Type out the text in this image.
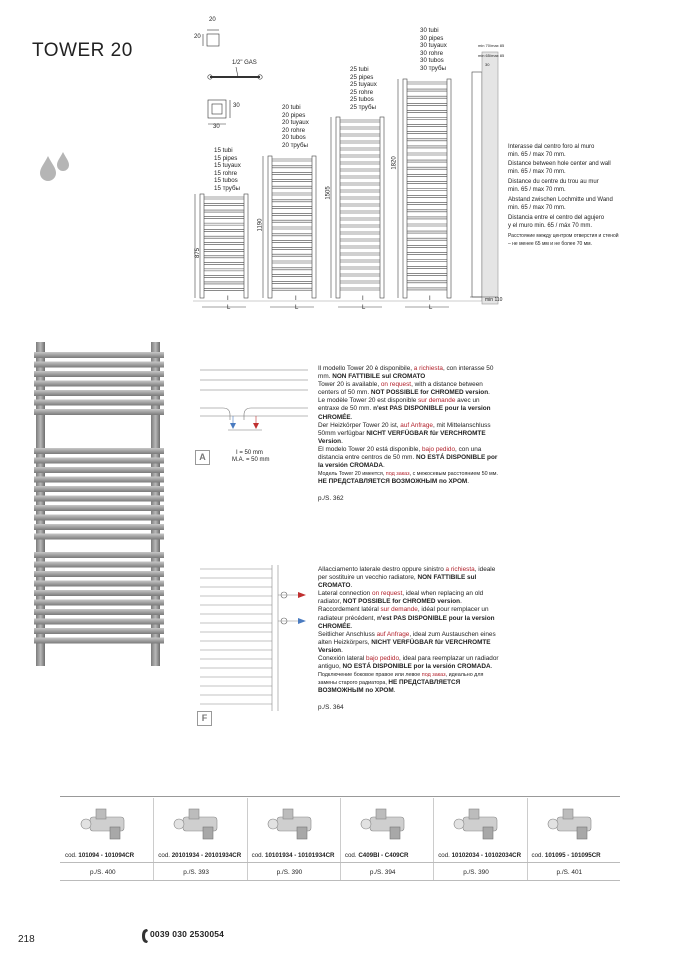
TOWER 20
20
20
1/2" GAS
30
30
875
1190
1505
1820
I
L
I
L
I
L
I
L
min 110
min 70/max 85
min 65/max 85
30
15 tubi
15 pipes
15 tuyaux
15 rohre
15 tubos
15 трубы
20 tubi
20 pipes
20 tuyaux
20 rohre
20 tubos
20 трубы
25 tubi
25 pipes
25 tuyaux
25 rohre
25 tubos
25 трубы
30 tubi
30 pipes
30 tuyaux
30 rohre
30 tubos
30 трубы
Interasse dal centro foro al muro
min. 65 / max 70 mm.
Distance between hole center and wall
min. 65 / max 70 mm.
Distance du centre du trou au mur
min. 65 / max 70 mm.
Abstand zwischen Lochmitte und Wand
min. 65 / max 70 mm.
Distancia entre el centro del agujero
y el muro min. 65 / máx 70 mm.
Расстояние между центром отверстия и стеной
– не менее 65 мм и не более 70 мм.
A	I = 50 mm
M.A. = 50 mm
Il modello Tower 20 è disponibile, a richiesta, con interasse 50 mm. NON FATTIBILE sul CROMATO
Tower 20 is available, on request, with a distance between centers of 50 mm. NOT POSSIBLE for CHROMED version.
Le modèle Tower 20 est disponible sur demande avec un entraxe de 50 mm. n'est PAS DISPONIBLE pour la version CHROMÉE.
Der Heizkörper Tower 20 ist, auf Anfrage, mit Mittelanschluss 50mm verfügbar NICHT VERFÜGBAR für VERCHROMTE Version.
El modelo Tower 20 está disponible, bajo pedido, con una distancia entre centros de 50 mm. NO ESTÁ DISPONIBLE por la versión CROMADA.
Модель Tower 20 имеется, под заказ, с межосевым расстоянием 50 мм.
НЕ ПРЕДСТАВЛЯЕТСЯ ВОЗМОЖНЫМ по ХРОМ.

p./S. 362
F
Allacciamento laterale destro oppure sinistro a richiesta, ideale per sostituire un vecchio radiatore, NON FATTIBILE sul CROMATO.
Lateral connection on request, ideal when replacing an old radiator, NOT POSSIBLE for CHROMED version.
Raccordement latéral sur demande, idéal pour remplacer un radiateur précédent, n'est PAS DISPONIBLE pour la version CHROMÉE.
Seitlicher Anschluss auf Anfrage, ideal zum Austauschen eines alten Heizkörpers, NICHT VERFÜGBAR für VERCHROMTE Version.
Conexión lateral bajo pedido, ideal para reemplazar un radiador antiguo, NO ESTÁ DISPONIBLE por la versión CROMADA.
Подключение боковое правое или левое под заказ, идеально для замены старого радиатора, НЕ ПРЕДСТАВЛЯЕТСЯ ВОЗМОЖНЫМ по ХРОМ.

p./S. 364
cod. 101094 - 101094CR
p./S. 400
cod. 20101934 - 20101934CR
p./S. 393
cod. 10101934 - 10101934CR
p./S. 390
cod. C409BI - C409CR
p./S. 394
cod. 10102034 - 10102034CR
p./S. 390
cod. 101095 - 101095CR
p./S. 401
218	0039 030 2530054
